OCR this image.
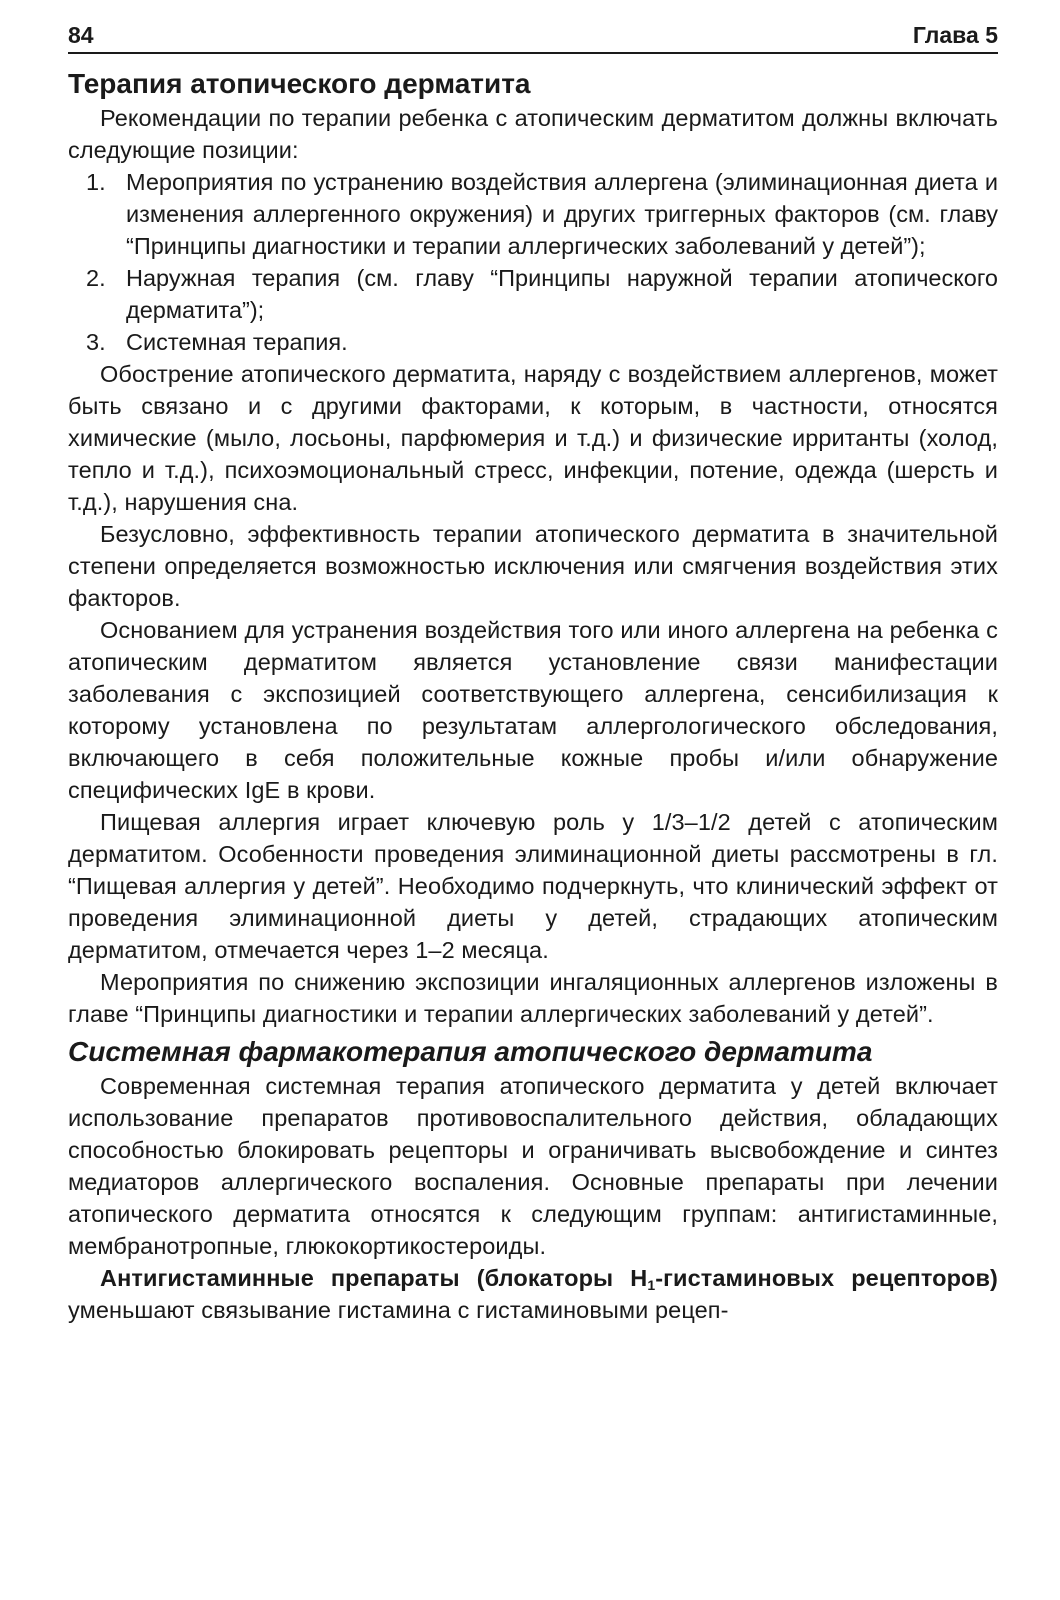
84	Глава 5
Терапия атопического дерматита

Рекомендации по терапии ребенка с атопическим дерматитом должны включать следующие позиции:

1. Мероприятия по устранению воздействия аллергена (элиминационная диета и изменения аллергенного окружения) и других триггерных факторов (см. главу “Принципы диагностики и терапии аллергических заболеваний у детей”);
2. Наружная терапия (см. главу “Принципы наружной терапии атопического дерматита”);
3. Системная терапия.

Обострение атопического дерматита, наряду с воздействием аллергенов, может быть связано и с другими факторами, к которым, в частности, относятся химические (мыло, лосьоны, парфюмерия и т.д.) и физические ирританты (холод, тепло и т.д.), психоэмоциональный стресс, инфекции, потение, одежда (шерсть и т.д.), нарушения сна.

Безусловно, эффективность терапии атопического дерматита в значительной степени определяется возможностью исключения или смягчения воздействия этих факторов.

Основанием для устранения воздействия того или иного аллергена на ребенка с атопическим дерматитом является установление связи манифестации заболевания с экспозицией соответствующего аллергена, сенсибилизация к которому установлена по результатам аллергологического обследования, включающего в себя положительные кожные пробы и/или обнаружение специфических IgE в крови.

Пищевая аллергия играет ключевую роль у 1/3–1/2 детей с атопическим дерматитом. Особенности проведения элиминационной диеты рассмотрены в гл. “Пищевая аллергия у детей”. Необходимо подчеркнуть, что клинический эффект от проведения элиминационной диеты у детей, страдающих атопическим дерматитом, отмечается через 1–2 месяца.

Мероприятия по снижению экспозиции ингаляционных аллергенов изложены в главе “Принципы диагностики и терапии аллергических заболеваний у детей”.

Системная фармакотерапия атопического дерматита

Современная системная терапия атопического дерматита у детей включает использование препаратов противовоспалительного действия, обладающих способностью блокировать рецепторы и ограничивать высвобождение и синтез медиаторов аллергического воспаления. Основные препараты при лечении атопического дерматита относятся к следующим группам: антигистаминные, мембранотропные, глюкокортикостероиды.

Антигистаминные препараты (блокаторы $H_1$-гистаминовых рецепторов) уменьшают связывание гистамина с гистаминовыми рецеп-
